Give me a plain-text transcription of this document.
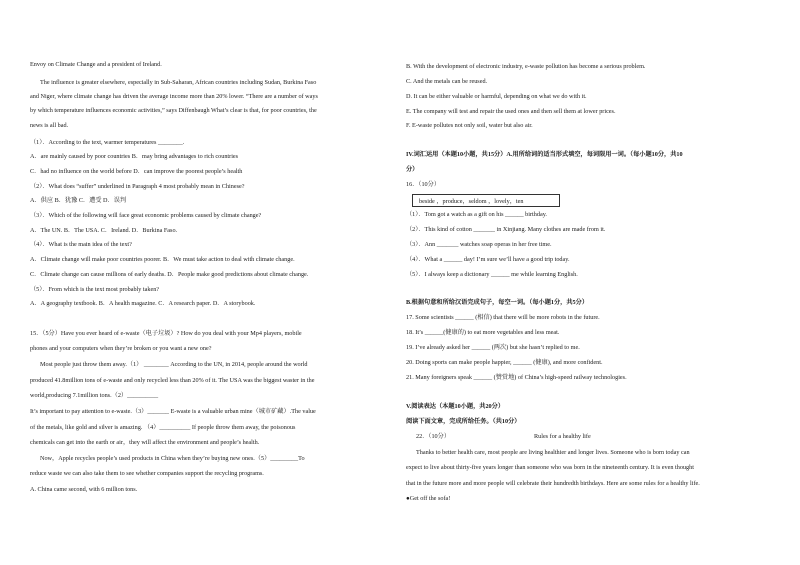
Envoy on Climate Change and a president of Ireland.
The influence is greater elsewhere, especially in Sub-Saharan, African countries including Sudan, Burkina Faso
and Niger, where climate change has driven the average income more than 20% lower. “There are a number of ways
by which temperature influences economic activities,” says Diffenbaugh What’s clear is that, for poor countries, the
news is all bad.
（1）．According to the text, warmer temperatures ________.
A．are mainly caused by poor countries B．may bring advantages to rich countries
C．had no influence on the world before D．can improve the poorest people’s health
（2）．What does “suffer” underlined in Paragraph 4 most probably mean in Chinese?
A．供应 B．犹豫 C．遭受 D．误判
（3）．Which of the following will face great economic problems caused by climate change?
A．The UN. B．The USA. C．Ireland. D．Burkina Faso.
（4）．What is the main idea of the text?
A．Climate change will make poor countries poorer. B．We must take action to deal with climate change.
C．Climate change can cause millions of early deaths. D．People make good predictions about climate change.
（5）．From which is the text most probably taken?
A．A geography textbook. B．A health magazine. C．A research paper. D．A storybook.
15．（5分）Have you ever heard of e-waste（电子垃圾）? How do you deal with your Mp4 players, mobile
phones and your computers when they’re broken or you want a new one?
Most people just throw them away.（1） ________ According to the UN, in 2014, people around the world
produced 41.8million tons of e-waste and only recycled less than 20% of it. The USA was the biggest waster in the
world,producing 7.1million tons.（2）__________
It’s important to pay attention to e-waste.（3）_______ E-waste is a valuable urban mine（城市矿藏）.The value
of the metals, like gold and silver is amazing. （4）__________ If people throw them away, the poisonous
chemicals can get into the earth or air，they will affect the environment and people’s health.
Now，Apple recycles people’s used products in China when they’re buying new ones.（5）_________To
reduce waste we can also take them to see whether companies support the recycling programs.
A. China came second, with 6 million tons.
B. With the development of electronic industry, e-waste pollution has become a serious problem.
C. And the metals can be reused.
D. It can be either valuable or harmful, depending on what we do with it.
E. The company will test and repair the used ones and then sell them at lower prices.
F. E-waste pollutes not only soil, water but also air.
IV.词汇运用（本题10小题，共15分）A.用所给词的适当形式填空，每词限用一词。（每小题10分，共10
分）
16．（10分）
beside ，produce，seldom ，lovely，ten
（1）．Tom got a watch as a gift on his ______ birthday.
（2）．This kind of cotton _______ in Xinjiang. Many clothes are made from it.
（3）．Ann _______ watches soap operas in her free time.
（4）．What a ______ day! I’m sure we’ll have a good trip today.
（5）．I always keep a dictionary ______ me while learning English.
B.根据句意和所给汉语完成句子，每空一词。（每小题1分，共5分）
17. Some scientists ______ (相信) that there will be more robots in the future.
18. It’s ______(健康的) to eat more vegetables and less meat.
19. I’ve already asked her ______ (两次) but she hasn’t replied to me.
20. Doing sports can make people happier, ______ (健康), and more confident.
21. Many foreigners speak ______ (赞赏地) of China’s high-speed railway technologies.
V.阅读表达（本题10小题，共20分）
阅读下面文章，完成所给任务。（共10分）
22．（10分）	Rules for a healthy life
Thanks to better health care, most people are living healthier and longer lives. Someone who is born today can
expect to live about thirty-five years longer than someone who was born in the nineteenth century. It is even thought
that in the future more and more people will celebrate their hundredth birthdays. Here are some rules for a healthy life.
●Get off the sofa!
